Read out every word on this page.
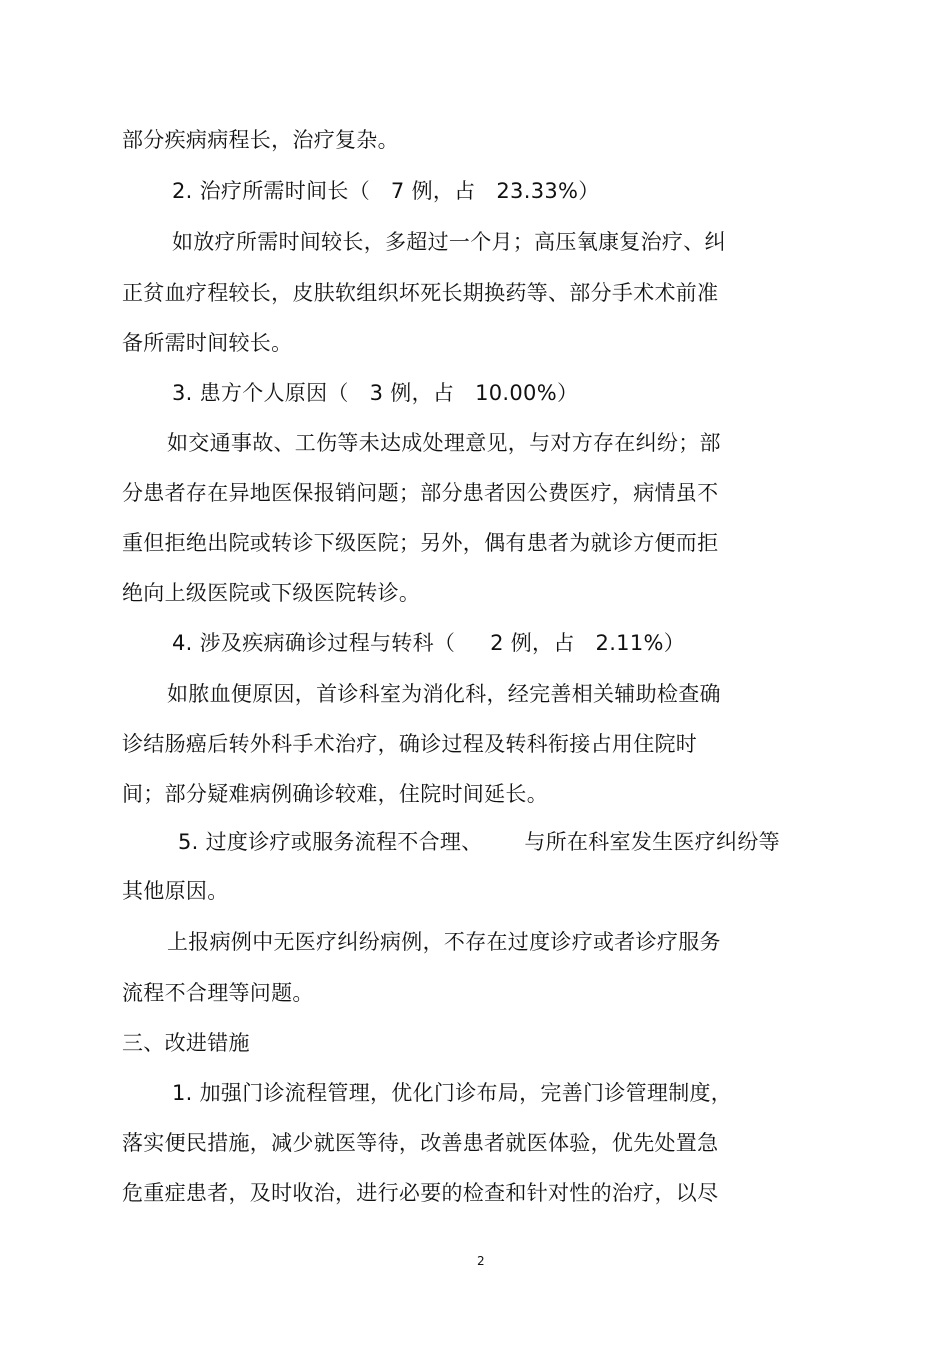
部分疾病病程长，治疗复杂。
2. 治疗所需时间长（   7 例，占   23.33%）
如放疗所需时间较长，多超过一个月；高压氧康复治疗、纠
正贫血疗程较长，皮肤软组织坏死长期换药等、部分手术术前准
备所需时间较长。
3. 患方个人原因（   3 例，占   10.00%）
如交通事故、工伤等未达成处理意见，与对方存在纠纷；部
分患者存在异地医保报销问题；部分患者因公费医疗，病情虽不
重但拒绝出院或转诊下级医院；另外，偶有患者为就诊方便而拒
绝向上级医院或下级医院转诊。
4. 涉及疾病确诊过程与转科（     2 例，占   2.11%）
如脓血便原因，首诊科室为消化科，经完善相关辅助检查确
诊结肠癌后转外科手术治疗，确诊过程及转科衔接占用住院时
间；部分疑难病例确诊较难，住院时间延长。
5. 过度诊疗或服务流程不合理、      与所在科室发生医疗纠纷等
其他原因。
上报病例中无医疗纠纷病例，不存在过度诊疗或者诊疗服务
流程不合理等问题。
三、改进错施
1. 加强门诊流程管理，优化门诊布局，完善门诊管理制度，
落实便民措施，减少就医等待，改善患者就医体验，优先处置急
危重症患者，及时收治，进行必要的检查和针对性的治疗，以尽
2
